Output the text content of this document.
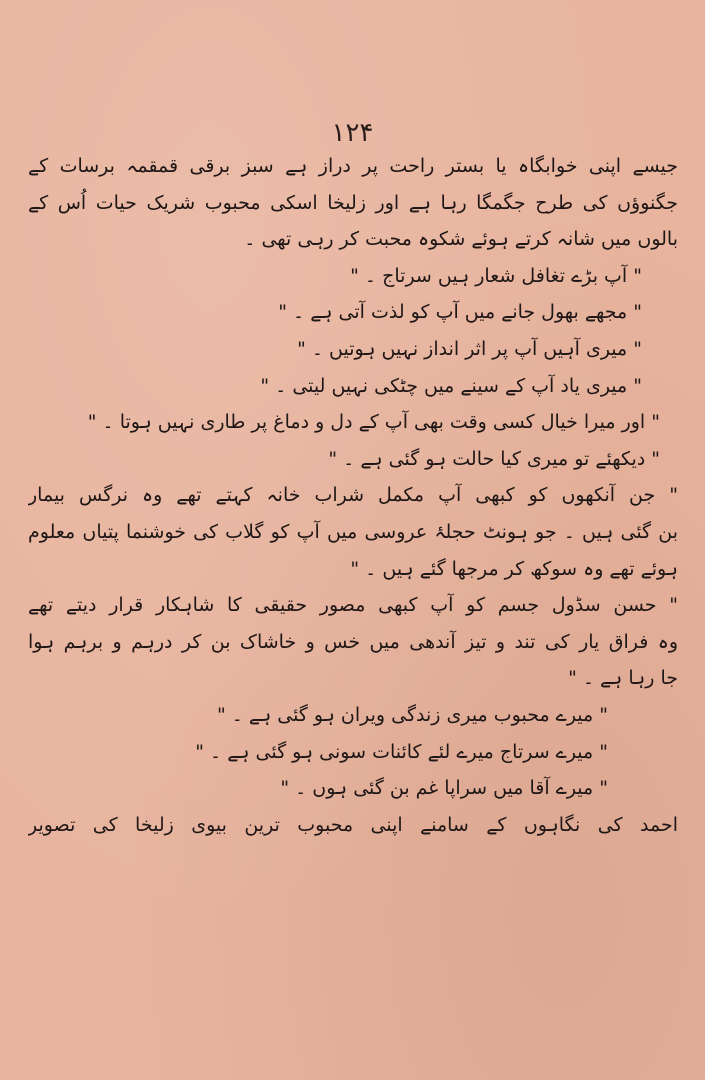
۱۲۴
جیسے اپنی خوابگاہ یا بستر راحت پر دراز ہے سبز برقی قمقمہ برسات کے
جگنوؤں کی طرح جگمگا رہا ہے اور زلیخا اسکی محبوب شریک حیات اُس کے
بالوں میں شانہ کرتے ہوئے شکوہ محبت کر رہی تھی ۔
" آپ بڑے تغافل شعار ہیں سرتاج ۔ "
" مجھے بھول جانے میں آپ کو لذت آتی ہے ۔ "
" میری آہیں آپ پر اثر انداز نہیں ہوتیں ۔ "
" میری یاد آپ کے سینے میں چٹکی نہیں لیتی ۔ "
" اور میرا خیال کسی وقت بھی آپ کے دل و دماغ پر طاری نہیں ہوتا ۔ "
" دیکھئے تو میری کیا حالت ہو گئی ہے ۔ "
" جن آنکھوں کو کبھی آپ مکمل شراب خانہ کہتے تھے وہ نرگس بیمار
بن گئی ہیں ۔ جو ہونٹ حجلۂ عروسی میں آپ کو گلاب کی خوشنما پتیاں معلوم
ہوئے تھے وہ سوکھ کر مرجھا گئے ہیں ۔ "
" حسن سڈول جسم کو آپ کبھی مصور حقیقی کا شاہکار قرار دیتے تھے
وہ فراق یار کی تند و تیز آندھی میں خس و خاشاک بن کر درہم و برہم ہوا
جا رہا ہے ۔ "
" میرے محبوب میری زندگی ویران ہو گئی ہے ۔ "
" میرے سرتاج میرے لئے کائنات سونی ہو گئی ہے ۔ "
" میرے آقا میں سراپا غم بن گئی ہوں ۔ "
احمد کی نگاہوں کے سامنے اپنی محبوب ترین بیوی زلیخا کی تصویر
